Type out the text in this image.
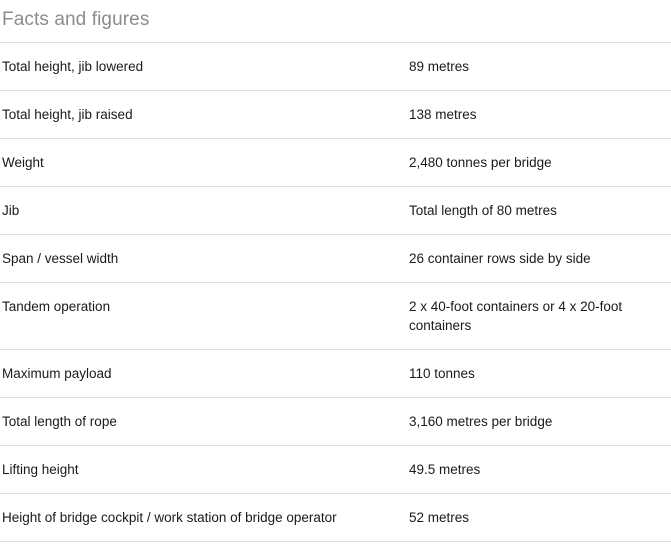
Facts and figures
Total height, jib lowered	89 metres
Total height, jib raised	138 metres
Weight	2,480 tonnes per bridge
Jib	Total length of 80 metres
Span / vessel width	26 container rows side by side
Tandem operation	2 x 40-foot containers or 4 x 20-foot containers
Maximum payload	110 tonnes
Total length of rope	3,160 metres per bridge
Lifting height	49.5 metres
Height of bridge cockpit / work station of bridge operator	52 metres
